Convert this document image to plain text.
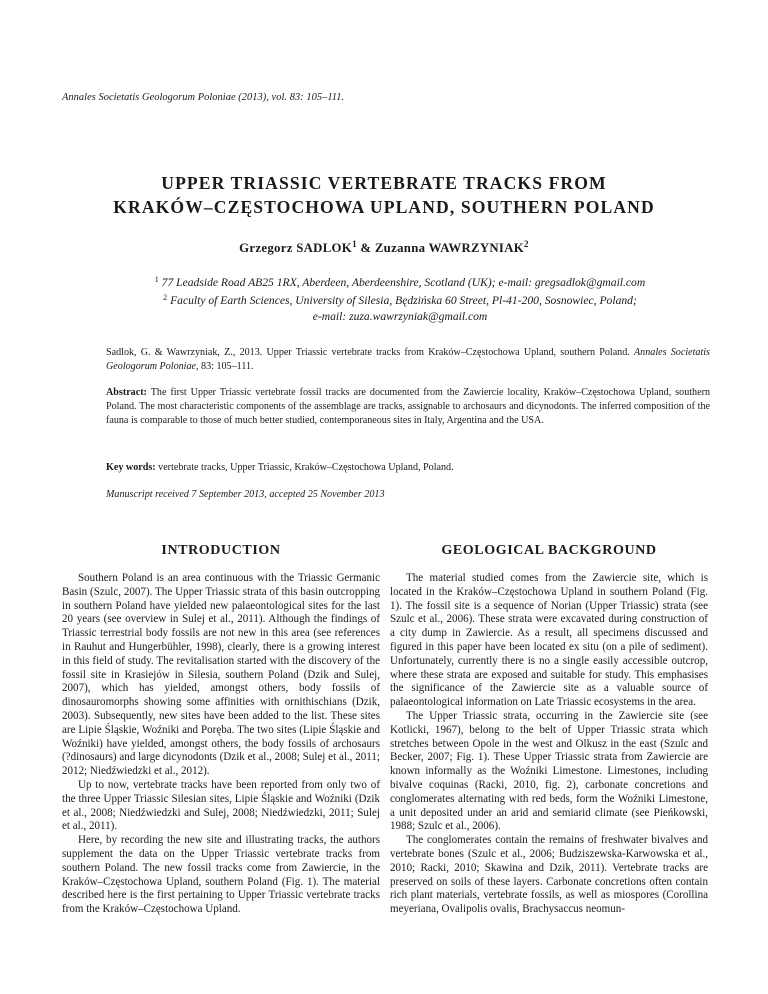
Annales Societatis Geologorum Poloniae (2013), vol. 83: 105–111.
UPPER TRIASSIC VERTEBRATE TRACKS FROM
KRAKÓW–CZĘSTOCHOWA UPLAND, SOUTHERN POLAND
Grzegorz SADLOK$^1$ & Zuzanna WAWRZYNIAK$^2$
$^1$ 77 Leadside Road AB25 1RX, Aberdeen, Aberdeenshire, Scotland (UK); e-mail: gregsadlok@gmail.com
$^2$ Faculty of Earth Sciences, University of Silesia, Będzińska 60 Street, Pl-41-200, Sosnowiec, Poland;
e-mail: zuza.wawrzyniak@gmail.com
Sadlok, G. & Wawrzyniak, Z., 2013. Upper Triassic vertebrate tracks from Kraków–Częstochowa Upland, southern Poland. Annales Societatis Geologorum Poloniae, 83: 105–111.
Abstract: The first Upper Triassic vertebrate fossil tracks are documented from the Zawiercie locality, Kraków–Częstochowa Upland, southern Poland. The most characteristic components of the assemblage are tracks, assignable to archosaurs and dicynodonts. The inferred composition of the fauna is comparable to those of much better studied, contemporaneous sites in Italy, Argentina and the USA.
Key words: vertebrate tracks, Upper Triassic, Kraków–Częstochowa Upland, Poland.
Manuscript received 7 September 2013, accepted 25 November 2013
INTRODUCTION	GEOLOGICAL BACKGROUND

Southern Poland is an area continuous with the Triassic Germanic Basin (Szulc, 2007). The Upper Triassic strata of this basin outcropping in southern Poland have yielded new palaeontological sites for the last 20 years (see overview in Sulej et al., 2011). Although the findings of Triassic terrestrial body fossils are not new in this area (see references in Rauhut and Hungerbühler, 1998), clearly, there is a growing interest in this field of study. The revitalisation started with the discovery of the fossil site in Krasiejów in Silesia, southern Poland (Dzik and Sulej, 2007), which has yielded, amongst others, body fossils of dinosauromorphs showing some affinities with ornithischians (Dzik, 2003). Subsequently, new sites have been added to the list. These sites are Lipie Śląskie, Woźniki and Poręba. The two sites (Lipie Śląskie and Woźniki) have yielded, amongst others, the body fossils of archosaurs (?dinosaurs) and large dicynodonts (Dzik et al., 2008; Sulej et al., 2011; 2012; Niedźwiedzki et al., 2012).

Up to now, vertebrate tracks have been reported from only two of the three Upper Triassic Silesian sites, Lipie Śląskie and Woźniki (Dzik et al., 2008; Niedźwiedzki and Sulej, 2008; Niedźwiedzki, 2011; Sulej et al., 2011).

Here, by recording the new site and illustrating tracks, the authors supplement the data on the Upper Triassic vertebrate tracks from southern Poland. The new fossil tracks come from Zawiercie, in the Kraków–Częstochowa Upland, southern Poland (Fig. 1). The material described here is the first pertaining to Upper Triassic vertebrate tracks from the Kraków–Częstochowa Upland.

The material studied comes from the Zawiercie site, which is located in the Kraków–Częstochowa Upland in southern Poland (Fig. 1). The fossil site is a sequence of Norian (Upper Triassic) strata (see Szulc et al., 2006). These strata were excavated during construction of a city dump in Zawiercie. As a result, all specimens discussed and figured in this paper have been located ex situ (on a pile of sediment). Unfortunately, currently there is no a single easily accessible outcrop, where these strata are exposed and suitable for study. This emphasises the significance of the Zawiercie site as a valuable source of palaeontological information on Late Triassic ecosystems in the area.

The Upper Triassic strata, occurring in the Zawiercie site (see Kotlicki, 1967), belong to the belt of Upper Triassic strata which stretches between Opole in the west and Olkusz in the east (Szulc and Becker, 2007; Fig. 1). These Upper Triassic strata from Zawiercie are known informally as the Woźniki Limestone. Limestones, including bivalve coquinas (Racki, 2010, fig. 2), carbonate concretions and conglomerates alternating with red beds, form the Woźniki Limestone, a unit deposited under an arid and semiarid climate (see Pieńkowski, 1988; Szulc et al., 2006).

The conglomerates contain the remains of freshwater bivalves and vertebrate bones (Szulc et al., 2006; Budziszewska-Karwowska et al., 2010; Racki, 2010; Skawina and Dzik, 2011). Vertebrate tracks are preserved on soils of these layers. Carbonate concretions often contain rich plant materials, vertebrate fossils, as well as miospores (Corollina meyeriana, Ovalipolis ovalis, Brachysaccus neomun-
